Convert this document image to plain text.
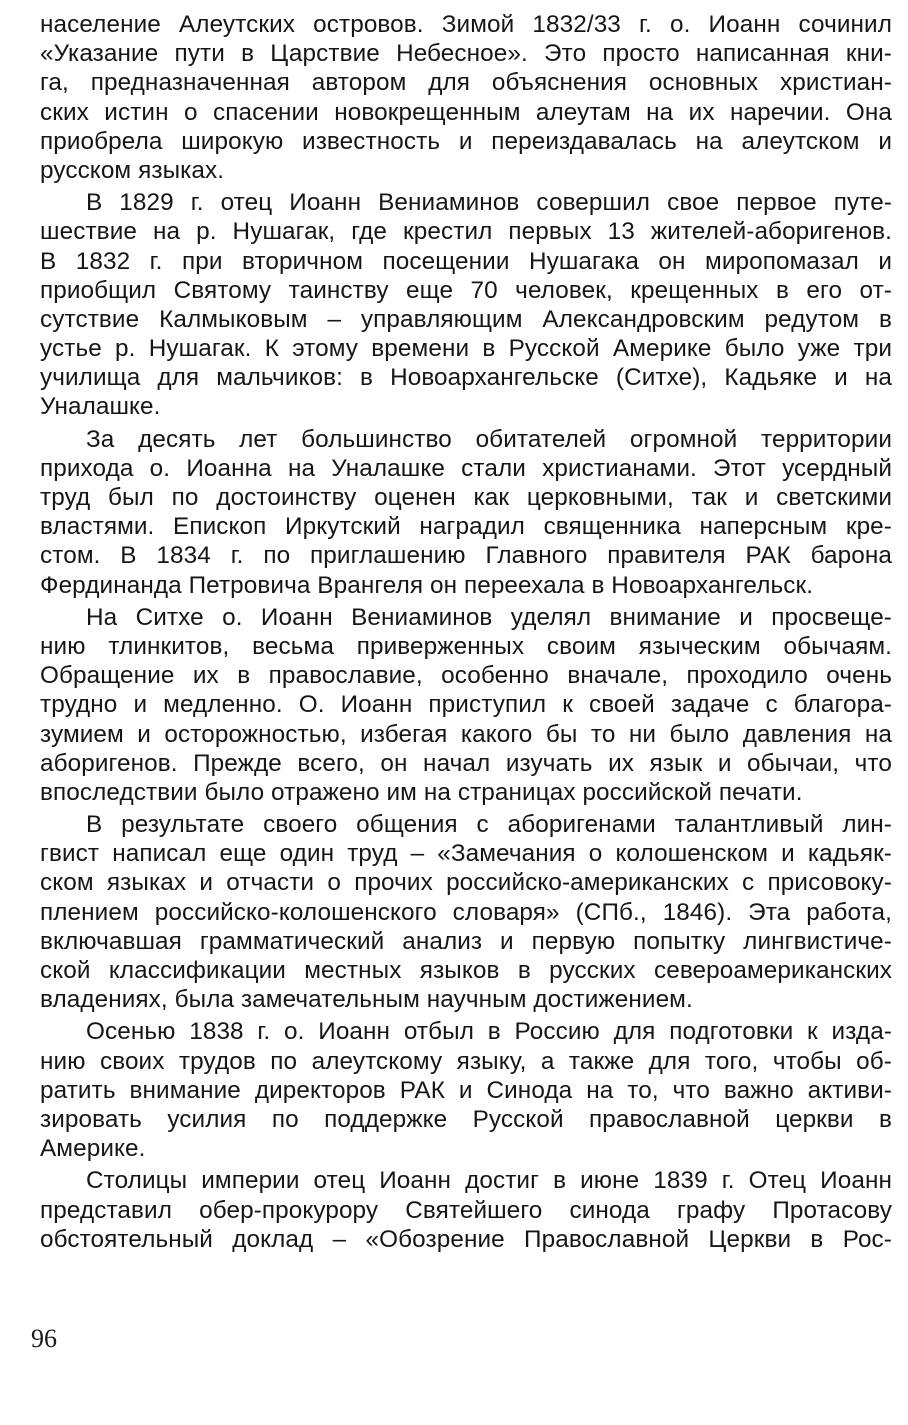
население Алеутских островов. Зимой 1832/33 г. о. Иоанн сочинил
«Указание пути в Царствие Небесное». Это просто написанная кни-
га, предназначенная автором для объяснения основных христиан-
ских истин о спасении новокрещенным алеутам на их наречии. Она
приобрела широкую известность и переиздавалась на алеутском и
русском языках.
В 1829 г. отец Иоанн Вениаминов совершил свое первое путе-
шествие на р. Нушагак, где крестил первых 13 жителей-аборигенов.
В 1832 г. при вторичном посещении Нушагака он миропомазал и
приобщил Святому таинству еще 70 человек, крещенных в его от-
сутствие Калмыковым – управляющим Александровским редутом в
устье р. Нушагак. К этому времени в Русской Америке было уже три
училища для мальчиков: в Новоархангельске (Ситхе), Кадьяке и на
Уналашке.
За десять лет большинство обитателей огромной территории
прихода о. Иоанна на Уналашке стали христианами. Этот усердный
труд был по достоинству оценен как церковными, так и светскими
властями. Епископ Иркутский наградил священника наперсным кре-
стом. В 1834 г. по приглашению Главного правителя РАК барона
Фердинанда Петровича Врангеля он переехала в Новоархангельск.
На Ситхе о. Иоанн Вениаминов уделял внимание и просвеще-
нию тлинкитов, весьма приверженных своим языческим обычаям.
Обращение их в православие, особенно вначале, проходило очень
трудно и медленно. О. Иоанн приступил к своей задаче с благора-
зумием и осторожностью, избегая какого бы то ни было давления на
аборигенов. Прежде всего, он начал изучать их язык и обычаи, что
впоследствии было отражено им на страницах российской печати.
В результате своего общения с аборигенами талантливый лин-
гвист написал еще один труд – «Замечания о колошенском и кадьяк-
ском языках и отчасти о прочих российско-американских с присовоку-
плением российско-колошенского словаря» (СПб., 1846). Эта работа,
включавшая грамматический анализ и первую попытку лингвистиче-
ской классификации местных языков в русских североамериканских
владениях, была замечательным научным достижением.
Осенью 1838 г. о. Иоанн отбыл в Россию для подготовки к изда-
нию своих трудов по алеутскому языку, а также для того, чтобы об-
ратить внимание директоров РАК и Синода на то, что важно активи-
зировать усилия по поддержке Русской православной церкви в
Америке.
Столицы империи отец Иоанн достиг в июне 1839 г. Отец Иоанн
представил обер-прокурору Святейшего синода графу Протасову
обстоятельный доклад – «Обозрение Православной Церкви в Рос-
96
